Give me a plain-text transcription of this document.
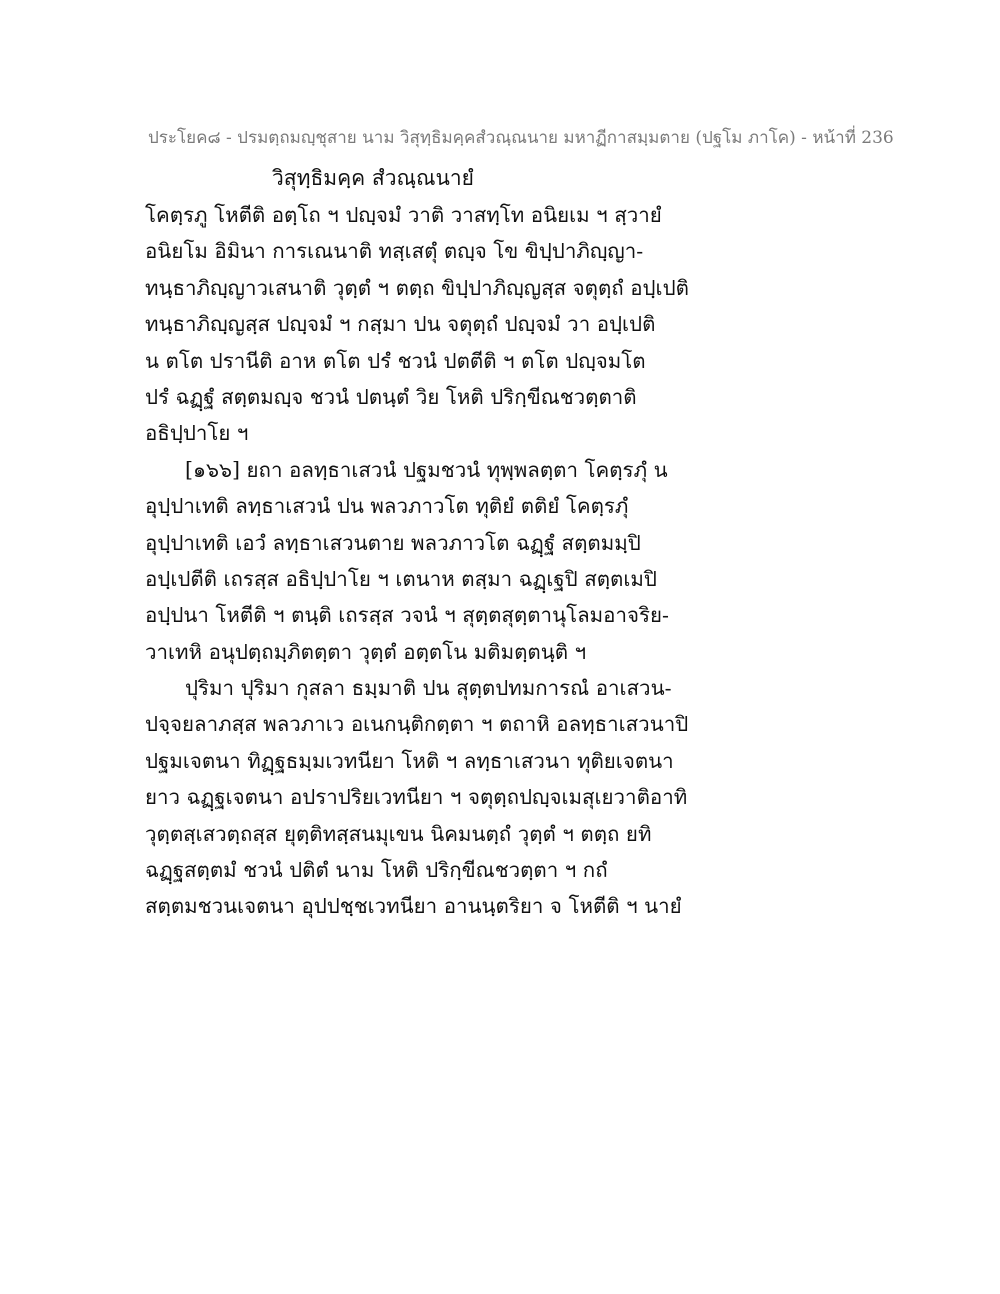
ประโยค๘ - ปรมตฺถมญฺชุสาย นาม วิสุทฺธิมคฺคสํวณฺณนาย มหาฏีกาสมฺมตาย (ปฐโม ภาโค) - หน้าที่ 236
วิสุทฺธิมคฺค สํวณฺณนายํ
โคตฺรภู โหตีติ อตฺโถ ฯ ปญฺจมํ วาติ วาสทฺโท อนิยเม ฯ สฺวายํ
อนิยโม อิมินา การเณนาติ ทสฺเสตุํ ตญฺจ โข ขิปฺปาภิญฺญา-
ทนฺธาภิญฺญาวเสนาติ วุตฺตํ ฯ ตตฺถ ขิปฺปาภิญฺญสฺส จตุตฺถํ อปฺเปติ
ทนฺธาภิญฺญสฺส ปญฺจมํ ฯ กสฺมา ปน จตุตฺถํ ปญฺจมํ วา อปฺเปติ
น ตโต ปรานีติ อาห ตโต ปรํ ชวนํ ปตตีติ ฯ ตโต ปญฺจมโต
ปรํ ฉฏฺฐํ สตฺตมญฺจ ชวนํ ปตนฺตํ วิย โหติ ปริกฺขีณชวตฺตาติ
อธิปฺปาโย ฯ
[๑๖๖] ยถา อลทฺธาเสวนํ ปฐมชวนํ ทุพฺพลตฺตา โคตฺรภุํ น
อุปฺปาเทติ ลทฺธาเสวนํ ปน พลวภาวโต ทุติยํ ตติยํ โคตฺรภุํ
อุปฺปาเทติ เอวํ ลทฺธาเสวนตาย พลวภาวโต ฉฏฺฐํ สตฺตมมฺปิ
อปฺเปตีติ เถรสฺส อธิปฺปาโย ฯ เตนาห ตสฺมา ฉฏฺเฐปิ สตฺตเมปิ
อปฺปนา โหตีติ ฯ ตนฺติ เถรสฺส วจนํ ฯ สุตฺตสุตฺตานุโลมอาจริย-
วาเทหิ อนุปตฺถมฺภิตตฺตา วุตฺตํ อตฺตโน มติมตฺตนฺติ ฯ
ปุริมา ปุริมา กุสลา ธมฺมาติ ปน สุตฺตปทมการณํ อาเสวน-
ปจฺจยลาภสฺส พลวภาเว อเนกนฺติกตฺตา ฯ ตถาหิ อลทฺธาเสวนาปิ
ปฐมเจตนา ทิฏฺฐธมฺมเวทนียา โหติ ฯ ลทฺธาเสวนา ทุติยเจตนา
ยาว ฉฏฺฐเจตนา อปราปริยเวทนียา ฯ จตุตฺถปญฺจเมสุเยวาติอาทิ
วุตฺตสฺเสวตฺถสฺส ยุตฺติทสฺสนมุเขน นิคมนตฺถํ วุตฺตํ ฯ ตตฺถ ยทิ
ฉฏฺฐสตฺตมํ ชวนํ ปติตํ นาม โหติ ปริกฺขีณชวตฺตา ฯ กถํ
สตฺตมชวนเจตนา อุปปชฺชเวทนียา อานนฺตริยา จ โหตีติ ฯ นายํ
